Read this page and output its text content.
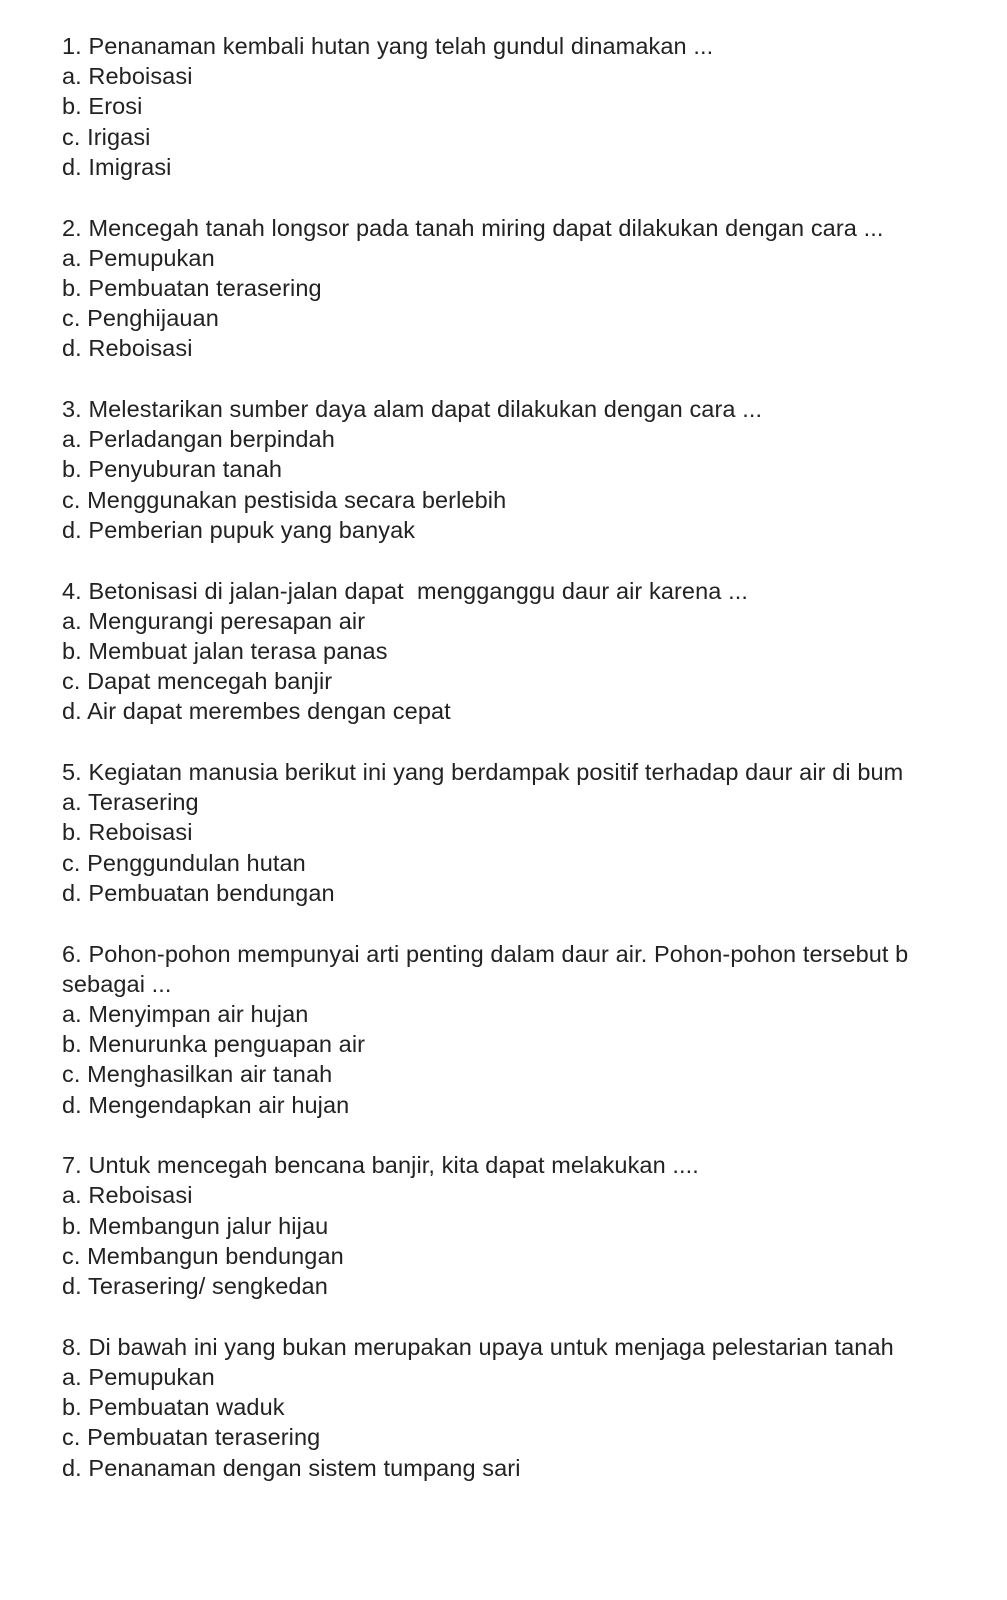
1. Penanaman kembali hutan yang telah gundul dinamakan ...
a. Reboisasi
b. Erosi
c. Irigasi
d. Imigrasi
2. Mencegah tanah longsor pada tanah miring dapat dilakukan dengan cara ...
a. Pemupukan
b. Pembuatan terasering
c. Penghijauan
d. Reboisasi
3. Melestarikan sumber daya alam dapat dilakukan dengan cara ...
a. Perladangan berpindah
b. Penyuburan tanah
c. Menggunakan pestisida secara berlebih
d. Pemberian pupuk yang banyak
4. Betonisasi di jalan-jalan dapat  mengganggu daur air karena ...
a. Mengurangi peresapan air
b. Membuat jalan terasa panas
c. Dapat mencegah banjir
d. Air dapat merembes dengan cepat
5. Kegiatan manusia berikut ini yang berdampak positif terhadap daur air di bum
a. Terasering
b. Reboisasi
c. Penggundulan hutan
d. Pembuatan bendungan
6. Pohon-pohon mempunyai arti penting dalam daur air. Pohon-pohon tersebut b
sebagai ...
a. Menyimpan air hujan
b. Menurunka penguapan air
c. Menghasilkan air tanah
d. Mengendapkan air hujan
7. Untuk mencegah bencana banjir, kita dapat melakukan ....
a. Reboisasi
b. Membangun jalur hijau
c. Membangun bendungan
d. Terasering/ sengkedan
8. Di bawah ini yang bukan merupakan upaya untuk menjaga pelestarian tanah
a. Pemupukan
b. Pembuatan waduk
c. Pembuatan terasering
d. Penanaman dengan sistem tumpang sari
